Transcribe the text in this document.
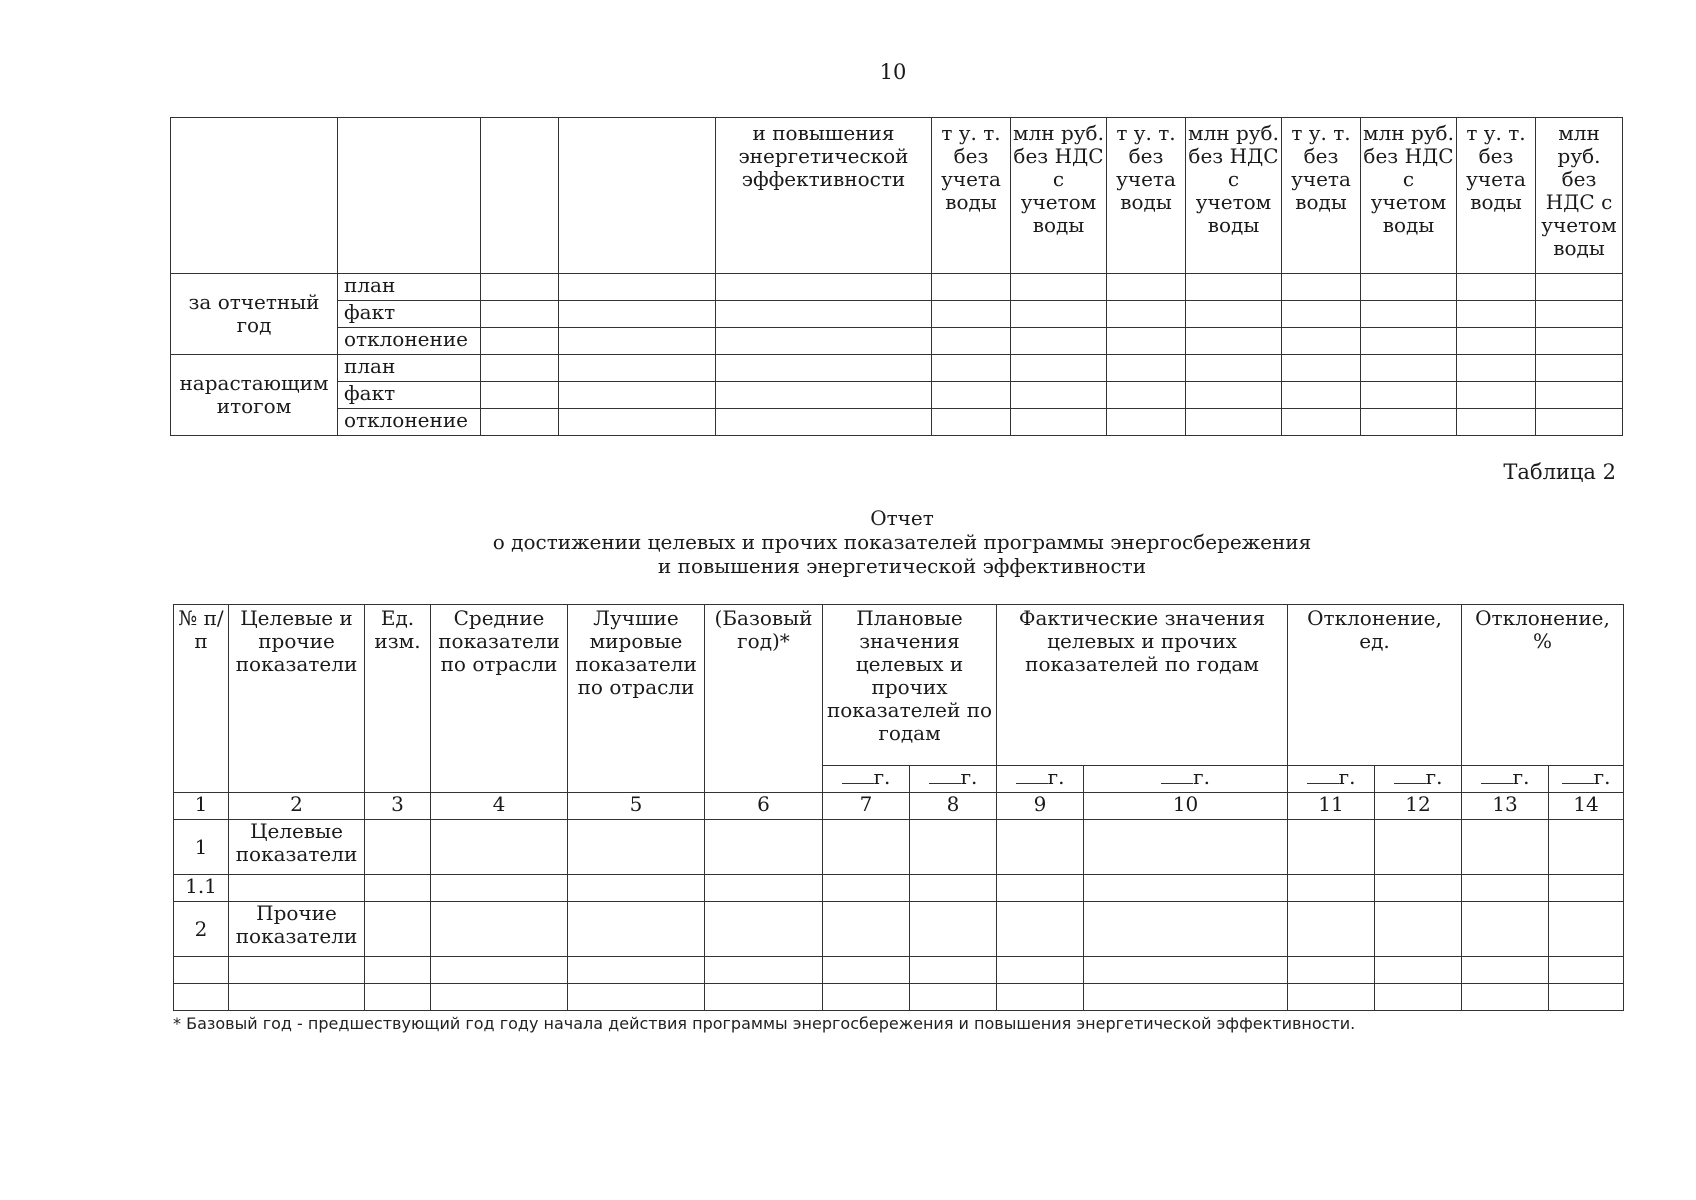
10
				и повышения энергетической эффективности	т у. т. без учета воды	млн руб. без НДС с учетом воды	т у. т. без учета воды	млн руб. без НДС с учетом воды	т у. т. без учета воды	млн руб. без НДС с учетом воды	т у. т. без учета воды	млн руб. без НДС с учетом воды
за отчетный год	план											
	факт											
	отклонение											
нарастающим итогом	план											
	факт											
	отклонение											
Таблица 2
Отчет
о достижении целевых и прочих показателей программы энергосбережения
и повышения энергетической эффективности
№ п/п	Целевые и прочие показатели	Ед. изм.	Средние показатели по отрасли	Лучшие мировые показатели по отрасли	(Базовый год)*	Плановые значения целевых и прочих показателей по годам		Фактические значения целевых и прочих показателей по годам		Отклонение, ед.		Отклонение, %	
						г.	г.	г.	г.	г.	г.	г.	г.
1	2	3	4	5	6	7	8	9	10	11	12	13	14
1	Целевые показатели												
1.1													
2	Прочие показатели												

* Базовый год - предшествующий год году начала действия программы энергосбережения и повышения энергетической эффективности.
